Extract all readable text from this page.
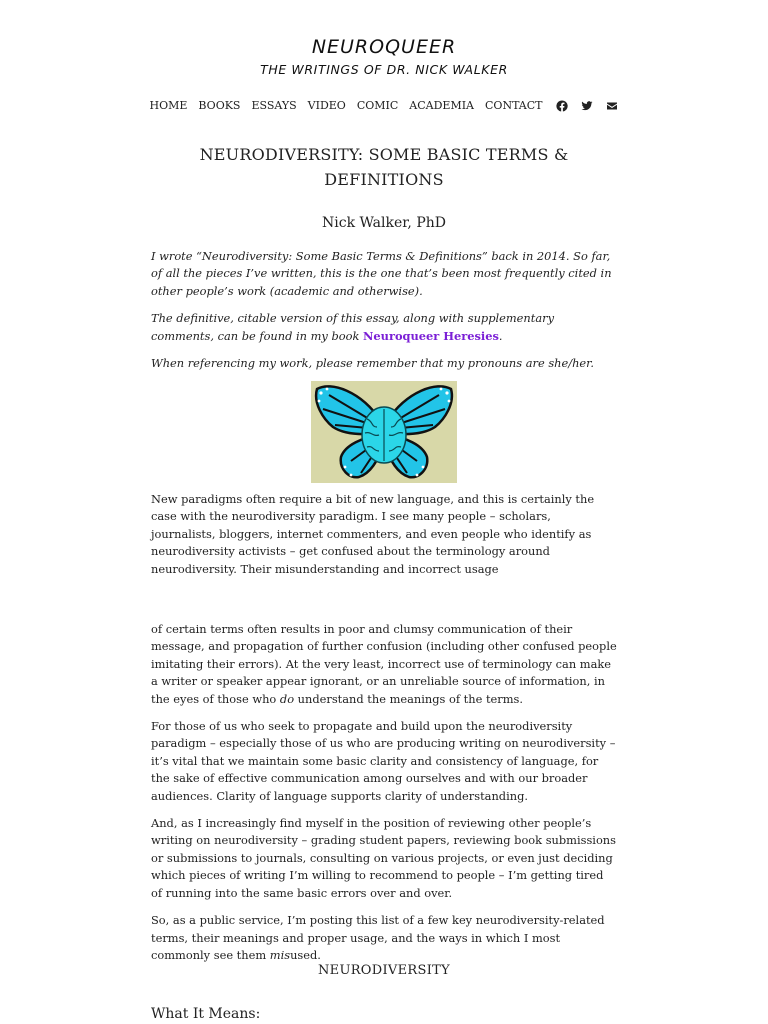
NEUROQUEER
THE WRITINGS OF DR. NICK WALKER
HOME BOOKS ESSAYS VIDEO COMIC ACADEMIA CONTACT
NEURODIVERSITY: SOME BASIC TERMS & DEFINITIONS
Nick Walker, PhD

I wrote “Neurodiversity: Some Basic Terms & Definitions” back in 2014. So far, of all the pieces I’ve written, this is the one that’s been most frequently cited in other people’s work (academic and otherwise).

The definitive, citable version of this essay, along with supplementary comments, can be found in my book Neuroqueer Heresies.

When referencing my work, please remember that my pronouns are she/her.

New paradigms often require a bit of new language, and this is certainly the case with the neurodiversity paradigm. I see many people – scholars, journalists, bloggers, internet commenters, and even people who identify as neurodiversity activists – get confused about the terminology around neurodiversity. Their misunderstanding and incorrect usage

of certain terms often results in poor and clumsy communication of their message, and propagation of further confusion (including other confused people imitating their errors). At the very least, incorrect use of terminology can make a writer or speaker appear ignorant, or an unreliable source of information, in the eyes of those who do understand the meanings of the terms.

For those of us who seek to propagate and build upon the neurodiversity paradigm – especially those of us who are producing writing on neurodiversity – it’s vital that we maintain some basic clarity and consistency of language, for the sake of effective communication among ourselves and with our broader audiences. Clarity of language supports clarity of understanding.

And, as I increasingly find myself in the position of reviewing other people’s writing on neurodiversity – grading student papers, reviewing book submissions or submissions to journals, consulting on various projects, or even just deciding which pieces of writing I’m willing to recommend to people – I’m getting tired of running into the same basic errors over and over.

So, as a public service, I’m posting this list of a few key neurodiversity-related terms, their meanings and proper usage, and the ways in which I most commonly see them misused.

NEURODIVERSITY
What It Means:
